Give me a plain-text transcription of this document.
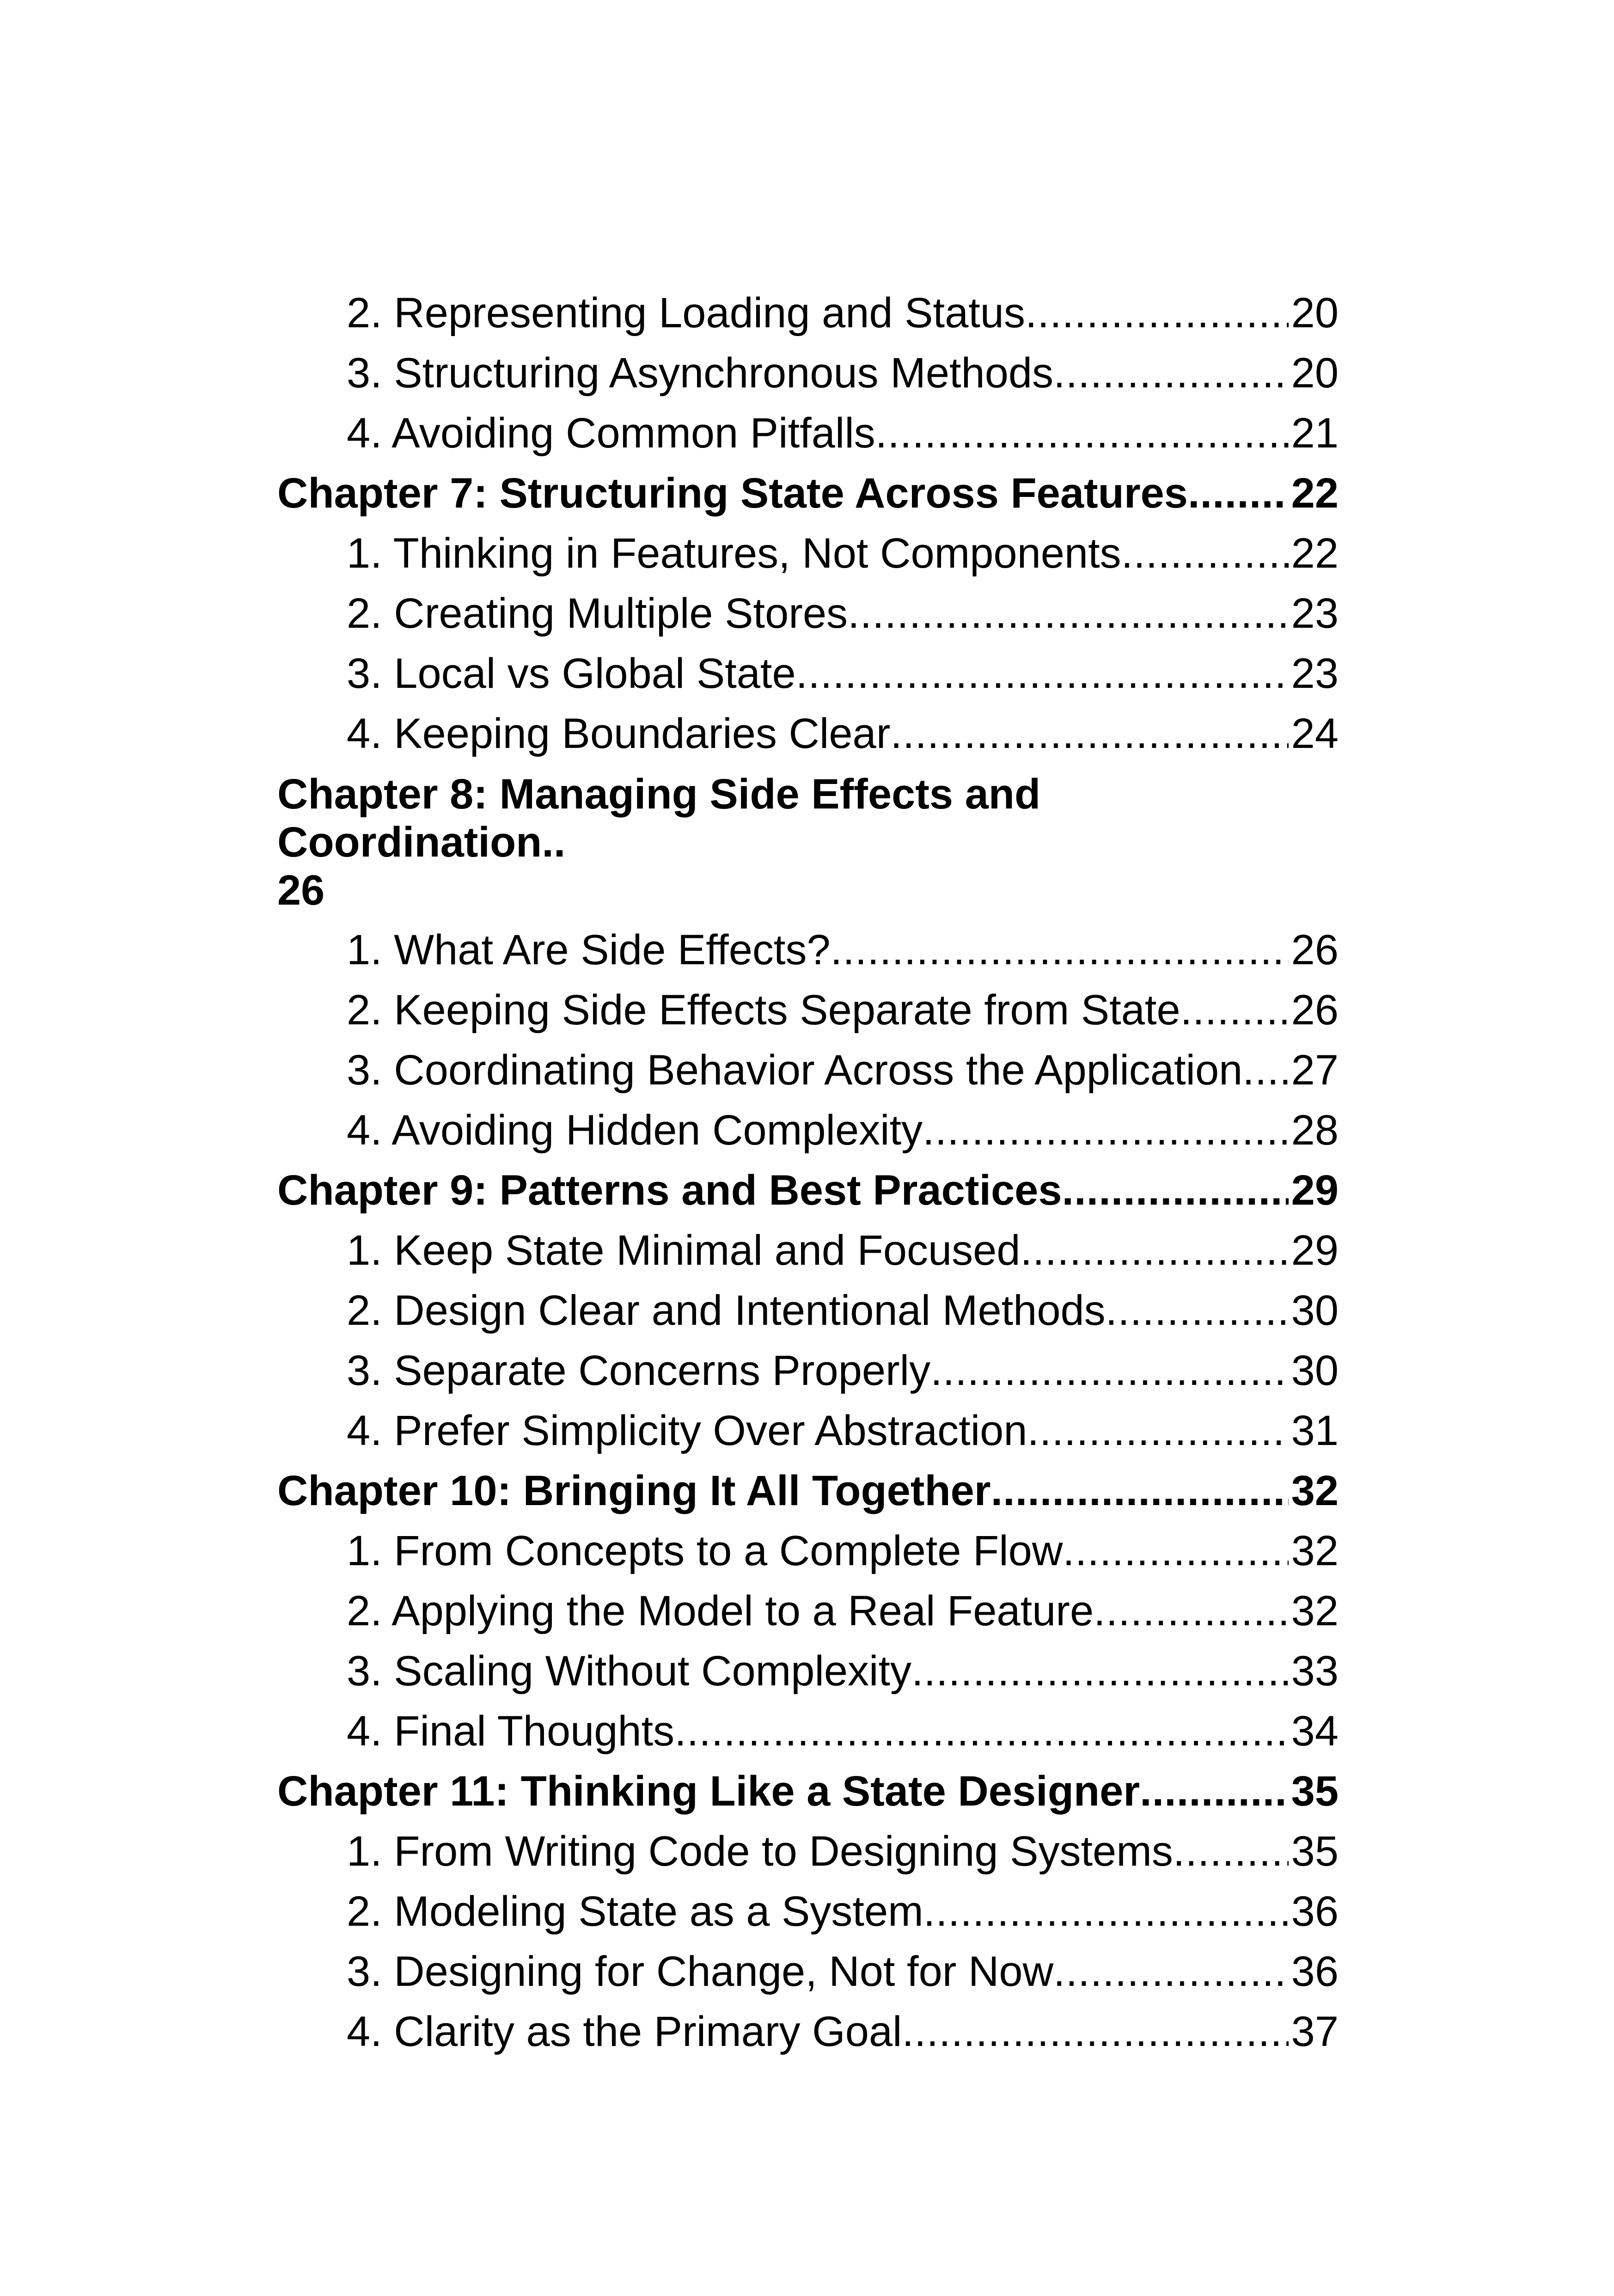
2. Representing Loading and Status .....	20
3. Structuring Asynchronous Methods .....	20
4. Avoiding Common Pitfalls .....	21
Chapter 7: Structuring State Across Features ..... 22
1. Thinking in Features, Not Components .....	22
2. Creating Multiple Stores .....	23
3. Local vs Global State .....	23
4. Keeping Boundaries Clear .....	24
Chapter 8: Managing Side Effects and Coordination..
26
1. What Are Side Effects? .....	26
2. Keeping Side Effects Separate from State .....	26
3. Coordinating Behavior Across the Application ..... 27
4. Avoiding Hidden Complexity .....	28
Chapter 9: Patterns and Best Practices .....	29
1. Keep State Minimal and Focused .....	29
2. Design Clear and Intentional Methods .....	30
3. Separate Concerns Properly .....	30
4. Prefer Simplicity Over Abstraction .....	31
Chapter 10: Bringing It All Together .....	32
1. From Concepts to a Complete Flow .....	32
2. Applying the Model to a Real Feature .....	32
3. Scaling Without Complexity .....	33
4. Final Thoughts .....	34
Chapter 11: Thinking Like a State Designer .....	35
1. From Writing Code to Designing Systems .....	35
2. Modeling State as a System .....	36
3. Designing for Change, Not for Now .....	36
4. Clarity as the Primary Goal .....	37
